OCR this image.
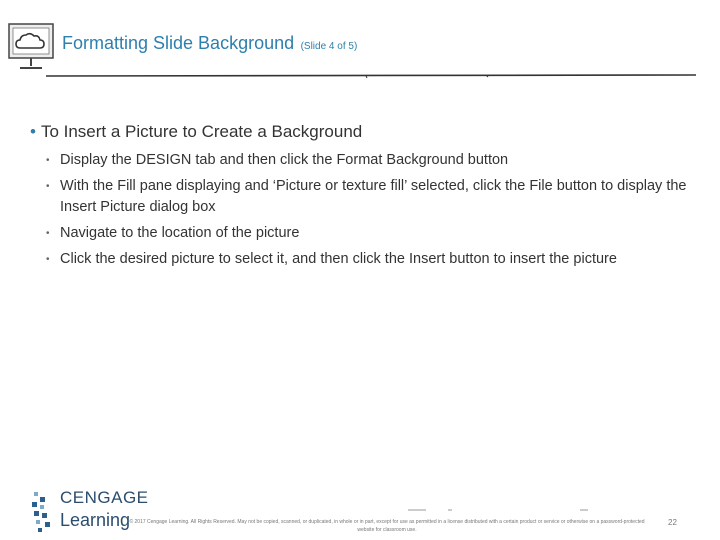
Formatting Slide Background (Slide 4 of 5)
• To Insert a Picture to Create a Background
• Display the DESIGN tab and then click the Format Background button
• With the Fill pane displaying and ‘Picture or texture fill’ selected, click the File button to display the Insert Picture dialog box
• Navigate to the location of the picture
• Click the desired picture to select it, and then click the Insert button to insert the picture
CENGAGE
Learning © 2017 Cengage Learning. All Rights Reserved. May not be copied, scanned, or duplicated, in whole or in part, except for use as permitted in a license distributed with a certain product or service or otherwise on a password-protected website for classroom use.
22
